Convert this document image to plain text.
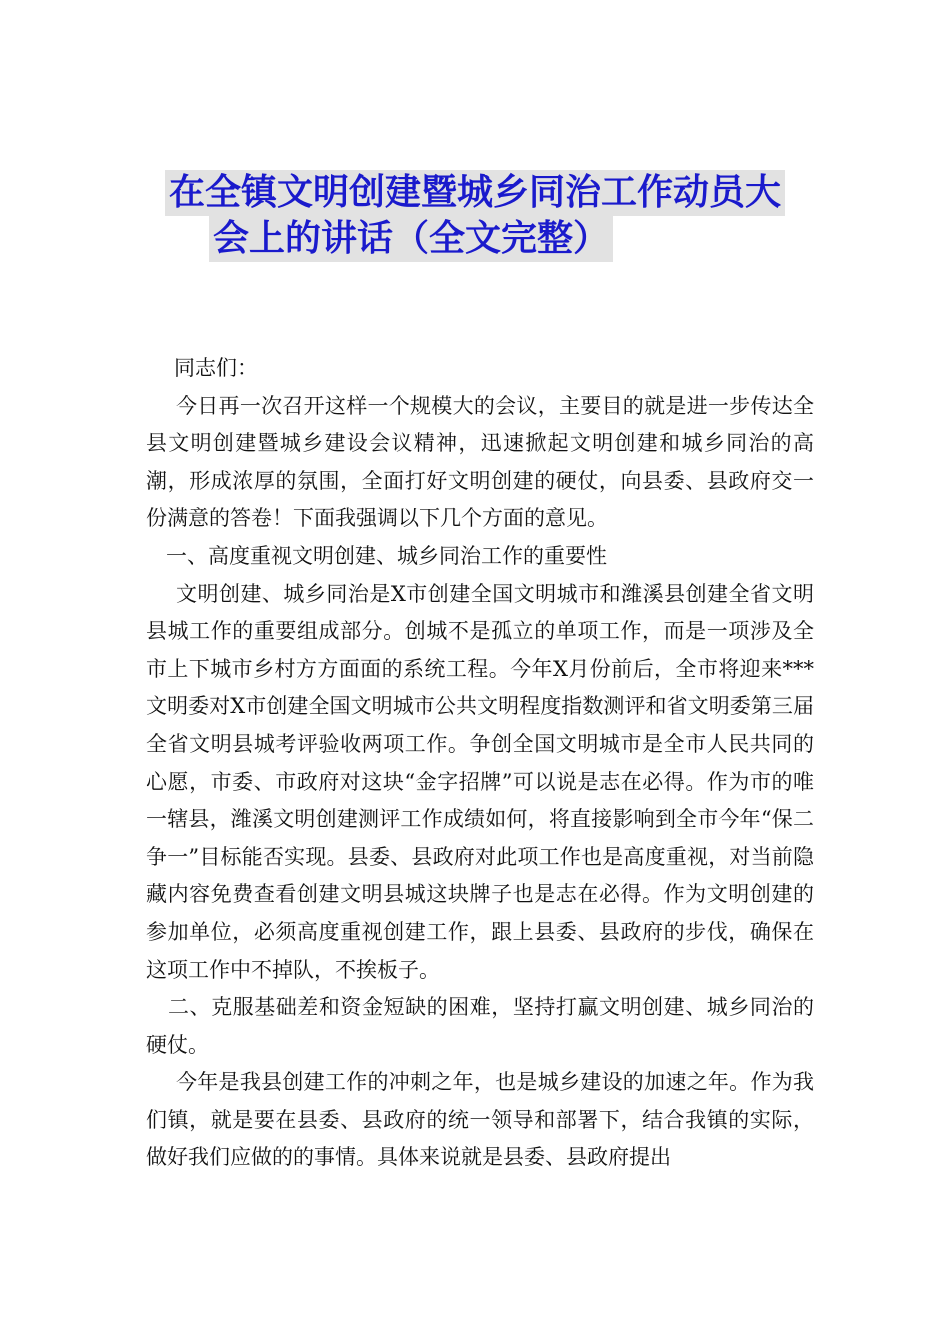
在全镇文明创建暨城乡同治工作动员大
会上的讲话（全文完整）

同志们：

今日再一次召开这样一个规模大的会议，主要目的就是进一步传达全县文明创建暨城乡建设会议精神，迅速掀起文明创建和城乡同治的高潮，形成浓厚的氛围，全面打好文明创建的硬仗，向县委、县政府交一份满意的答卷！下面我强调以下几个方面的意见。

一、高度重视文明创建、城乡同治工作的重要性

文明创建、城乡同治是X市创建全国文明城市和潍溪县创建全省文明县城工作的重要组成部分。创城不是孤立的单项工作，而是一项涉及全市上下城市乡村方方面面的系统工程。今年X月份前后，全市将迎来***文明委对X市创建全国文明城市公共文明程度指数测评和省文明委第三届全省文明县城考评验收两项工作。争创全国文明城市是全市人民共同的心愿，市委、市政府对这块“金字招牌”可以说是志在必得。作为市的唯一辖县，潍溪文明创建测评工作成绩如何，将直接影响到全市今年“保二争一”目标能否实现。县委、县政府对此项工作也是高度重视，对当前隐藏内容免费查看创建文明县城这块牌子也是志在必得。作为文明创建的参加单位，必须高度重视创建工作，跟上县委、县政府的步伐，确保在这项工作中不掉队，不挨板子。

二、克服基础差和资金短缺的困难，坚持打赢文明创建、城乡同治的硬仗。

今年是我县创建工作的冲刺之年，也是城乡建设的加速之年。作为我们镇，就是要在县委、县政府的统一领导和部署下，结合我镇的实际，做好我们应做的的事情。具体来说就是县委、县政府提出
